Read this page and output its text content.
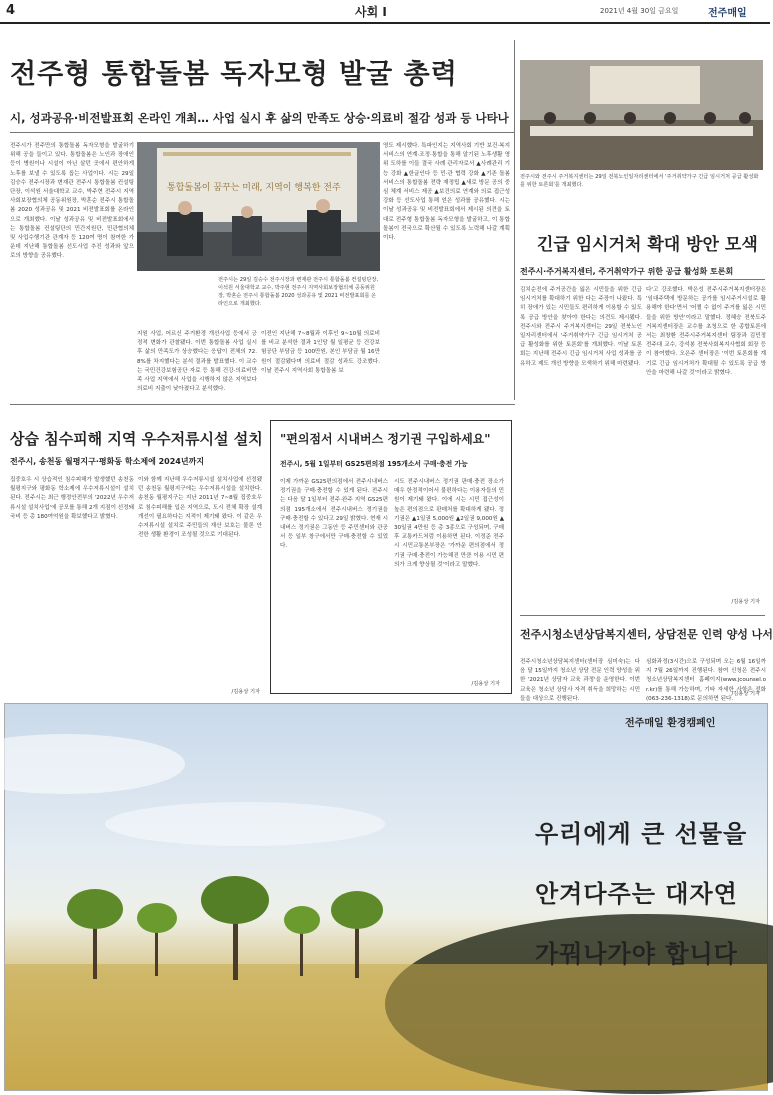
4	사회 Ⅰ	2021년 4월 30일 금요일	전주매일
전주형 통합돌봄 독자모형 발굴 총력
시, 성과공유·비전발표회 온라인 개최… 사업 실시 후 삶의 만족도 상승·의료비 절감 성과 등 나타나
전주시가 전주만의 통합돌봄 독자모형을 발굴하기 위해 공을 들이고 있다. 통합돌봄은 노인과 장애인 등이 병원이나 시설이 아닌 살던 곳에서 편안하게 노후를 보낼 수 있도록 돕는 사업이다. 시는 29일 김승수 전주시장과 변재관 전주시 통합돌봄 컨설팅단장, 이석원 서울대학교 교수, 박주현 전주시 지역사회보장협의체 공동위원장, 박혼순 전주시 통합돌봄 2020 성과공유 및 2021 비전발표회를 온라인으로 개최했다. 이날 성과공유 및 비전발표회에서는 통합돌봄 컨설팅단의 민간지원단, 민관협의체 및 사업수행기관 관계자 등 120여 명이 참여한 가운데 지난해 통합돌봄 선도사업 추진 성과와 앞으로의 방향을 공유했다.
통합돌봄이 꿈꾸는 미래, 지역이 행복한 전주
전주시는 29일 김승수 전주시장과 변재관 전주시 통합돌봄 컨설팅단장, 이석원 서울대학교 교수, 박주현 전주시 지역사회보장협의체 공동위원장, 박혼순 전주시 통합돌봄 2020 성과공유 및 2021 비전발표회를 온라인으로 개최했다.
영도 제시했다. 특파인지는 지역사회 기반 보건·복지 서비스의 연계·조정·통합을 통해 알기된 노후생활 영위 도하를 이들 결국 사례 관리자로서 ▲사례관리 기능 강화 ▲한글인다 등 민·관 협력 강화 ▲기존 돌봄 서비스의 통합돌봄 전략 재정립 ▲새로 방문 공의 중심 체계 서비스 제공 ▲보건의료 연계와 의료 접근성 강화 등 선도사업 통해 얻은 성과를 공유했다. 시는 이날 성과공유 및 비전발표회에서 제시된 의견을 토대로 전주형 통합돌봄 독자모형을 발굴하고, 이 통합돌봄이 전국으로 확산될 수 있도록 노력해 나갈 계획이다.
지원 사업, 어르신 주거환경 개선사업 등에서 긍정적 변화가 관찰됐다. 이번 통합돌봄 사업 실시 후 삶의 만족도가 상승했다는 응답이 전체의 72.8%를 차지했다는 분석 결과를 발표했다. 이 교수는 국민건강보험공단 자료 등 통해 건강·의료비만족 사업 지역에서 사업을 시행하지 않은 지역보다 의료비 지출이 낮아졌다고 분석했다.
이전인 지난해 7~8월과 이후인 9~10월 의료비를 비교 분석한 결과 1인당 월 일평균 등 건강보험공단 부담금 등 100만원, 본인 부담금 월 16만원이 절감됐다며 의료비 절감 성과도 강조했다. 이날 전주시 지역사회 통합돌봄 보
전주시와 전주시 주거복지센터는 29일 전북노인일자리센터에서 '주거취약가구 긴급 임시거처 공급 활성화를 위한 토론회'를 개최했다.
긴급 임시거처 확대 방안 모색
전주시·주거복지센터, 주거취약가구 위한 공급 활성화 토론회
김치순전에 주거공간을 잃은 시민들을 위한 긴급 임시거처를 확대하기 위한 다는 주장이 나왔다. 특히 장애가 있는 시민들도 편리하게 이용할 수 있도록 공급 방안을 찾아야 한다는 의견도 제시됐다. 전주시와 전주시 주거복지센터는 29일 전북노인일자리센터에서 '주거취약가구 긴급 임시거처 공급 활성화를 위한 토론회'를 개최했다. 이날 토론회는 지난해 전주시 긴급 임시거처 사업 성과를 공유하고 제도 개선 방향을 모색하기 위해 마련됐다.
다'고 강조했다. 박은성 전주시주거복지센터장은 '임대주택에 방문하는 공가를 임시주거시설로 활용해야 한다'면서 '어쩔 수 없이 주거를 잃은 시민들을 위한 방안'이라고 말했다. 정혜승 전북도주거복지센터장은 교수를 초청으로 한 종합토론에서는 최창환 전주시주거복지센터 팀장과 김민정 전주대 교수, 강석봉 전북사회복지사협회 회장 등이 참여했다. 오은주 센터장은 '이번 토론회를 계기로 긴급 임시거처가 확대될 수 있도록 공급 방안을 마련해 나갈 것'이라고 밝혔다.
/김용상 기자
전주시청소년상담복지센터, 상담전문 인력 양성 나서
전주시청소년상담복지센터(센터장 심미숙)는 다음 달 15일까지 청소년 상담 전문 인력 양성을 위한 '2021년 상담자 교육 과정'을 운영한다. 이번 교육은 청소년 상담사 자격 취득을 희망하는 시민들을 대상으로 진행된다.
심화과정(3시간)으로 구성되며 오는 6월 16일까지 7월 26일까지 진행된다. 참여 신청은 전주시청소년상담복지센터 홈페이지(www.jcounsel.or.kr)를 통해 가능하며, 기타 자세한 사항은 전화(063-236-1318)로 문의하면 된다.
/김용상 기자
상습 침수피해 지역 우수저류시설 설치
전주시, 송천동 월평지구·평화동 학소제에 2024년까지
집중호우 시 상습적인 침수피해가 발생했던 송천동 월평지구와 평화동 학소제에 우수저류시설이 설치된다. 전주시는 최근 행정안전부의 '2022년 우수저류시설 설치사업'에 공모를 통해 2개 지점이 선정돼 국비 등 총 180여억원을 확보했다고 밝혔다.
이와 함께 지난해 우수저류시설 설치사업에 선정됐던 송천동 월평지구에는 우수저류시설을 설치한다. 송천동 월평지구는 지난 2011년 7~8월 집중호우로 침수피해를 입은 지역으로, 도시 전체 확장 설계 개선이 필요하다는 지적이 제기돼 왔다. 이 같은 우수저류시설 설치로 주민들의 재산 보호는 물론 안전한 생활 환경이 조성될 것으로 기대된다.
/김용상 기자
"편의점서 시내버스 정기권 구입하세요"
전주시, 5월 1일부터 GS25편의점 195개소서 구매·충전 가능
이제 가까운 GS25편의점에서 전주시내버스 정기권을 구매·충전할 수 있게 된다. 전주시는 다음 달 1일부터 전주·완주 지역 GS25편의점 195개소에서 전주시내버스 정기권을 구매·충전할 수 있다고 29일 밝혔다. 현재 시내버스 정기권은 그동안 등 주민센터와 관공서 등 일부 창구에서만 구매·충전할 수 있었다.
시도 전주시내버스 정기권 판매·충전 장소가 매우 한정적이어서 불편하다는 이용자들의 민원이 제기돼 왔다. 이에 시는 시민 접근성이 높은 편의점으로 판매처를 확대하게 됐다. 정기권은 ▲1일권 5,000원 ▲2일권 9,000원 ▲30일권 4만원 등 총 3종으로 구성되며, 구매 후 교통카드처럼 이용하면 된다. 이정준 전주시 시민교통본부장은 '가까운 편의점에서 정기권 구매·충전이 가능해진 만큼 이용 시민 편의가 크게 향상될 것'이라고 말했다.
/김용상 기자
전주매일 환경캠페인
우리에게 큰 선물을
안겨다주는 대자연
가꿔나가야 합니다
